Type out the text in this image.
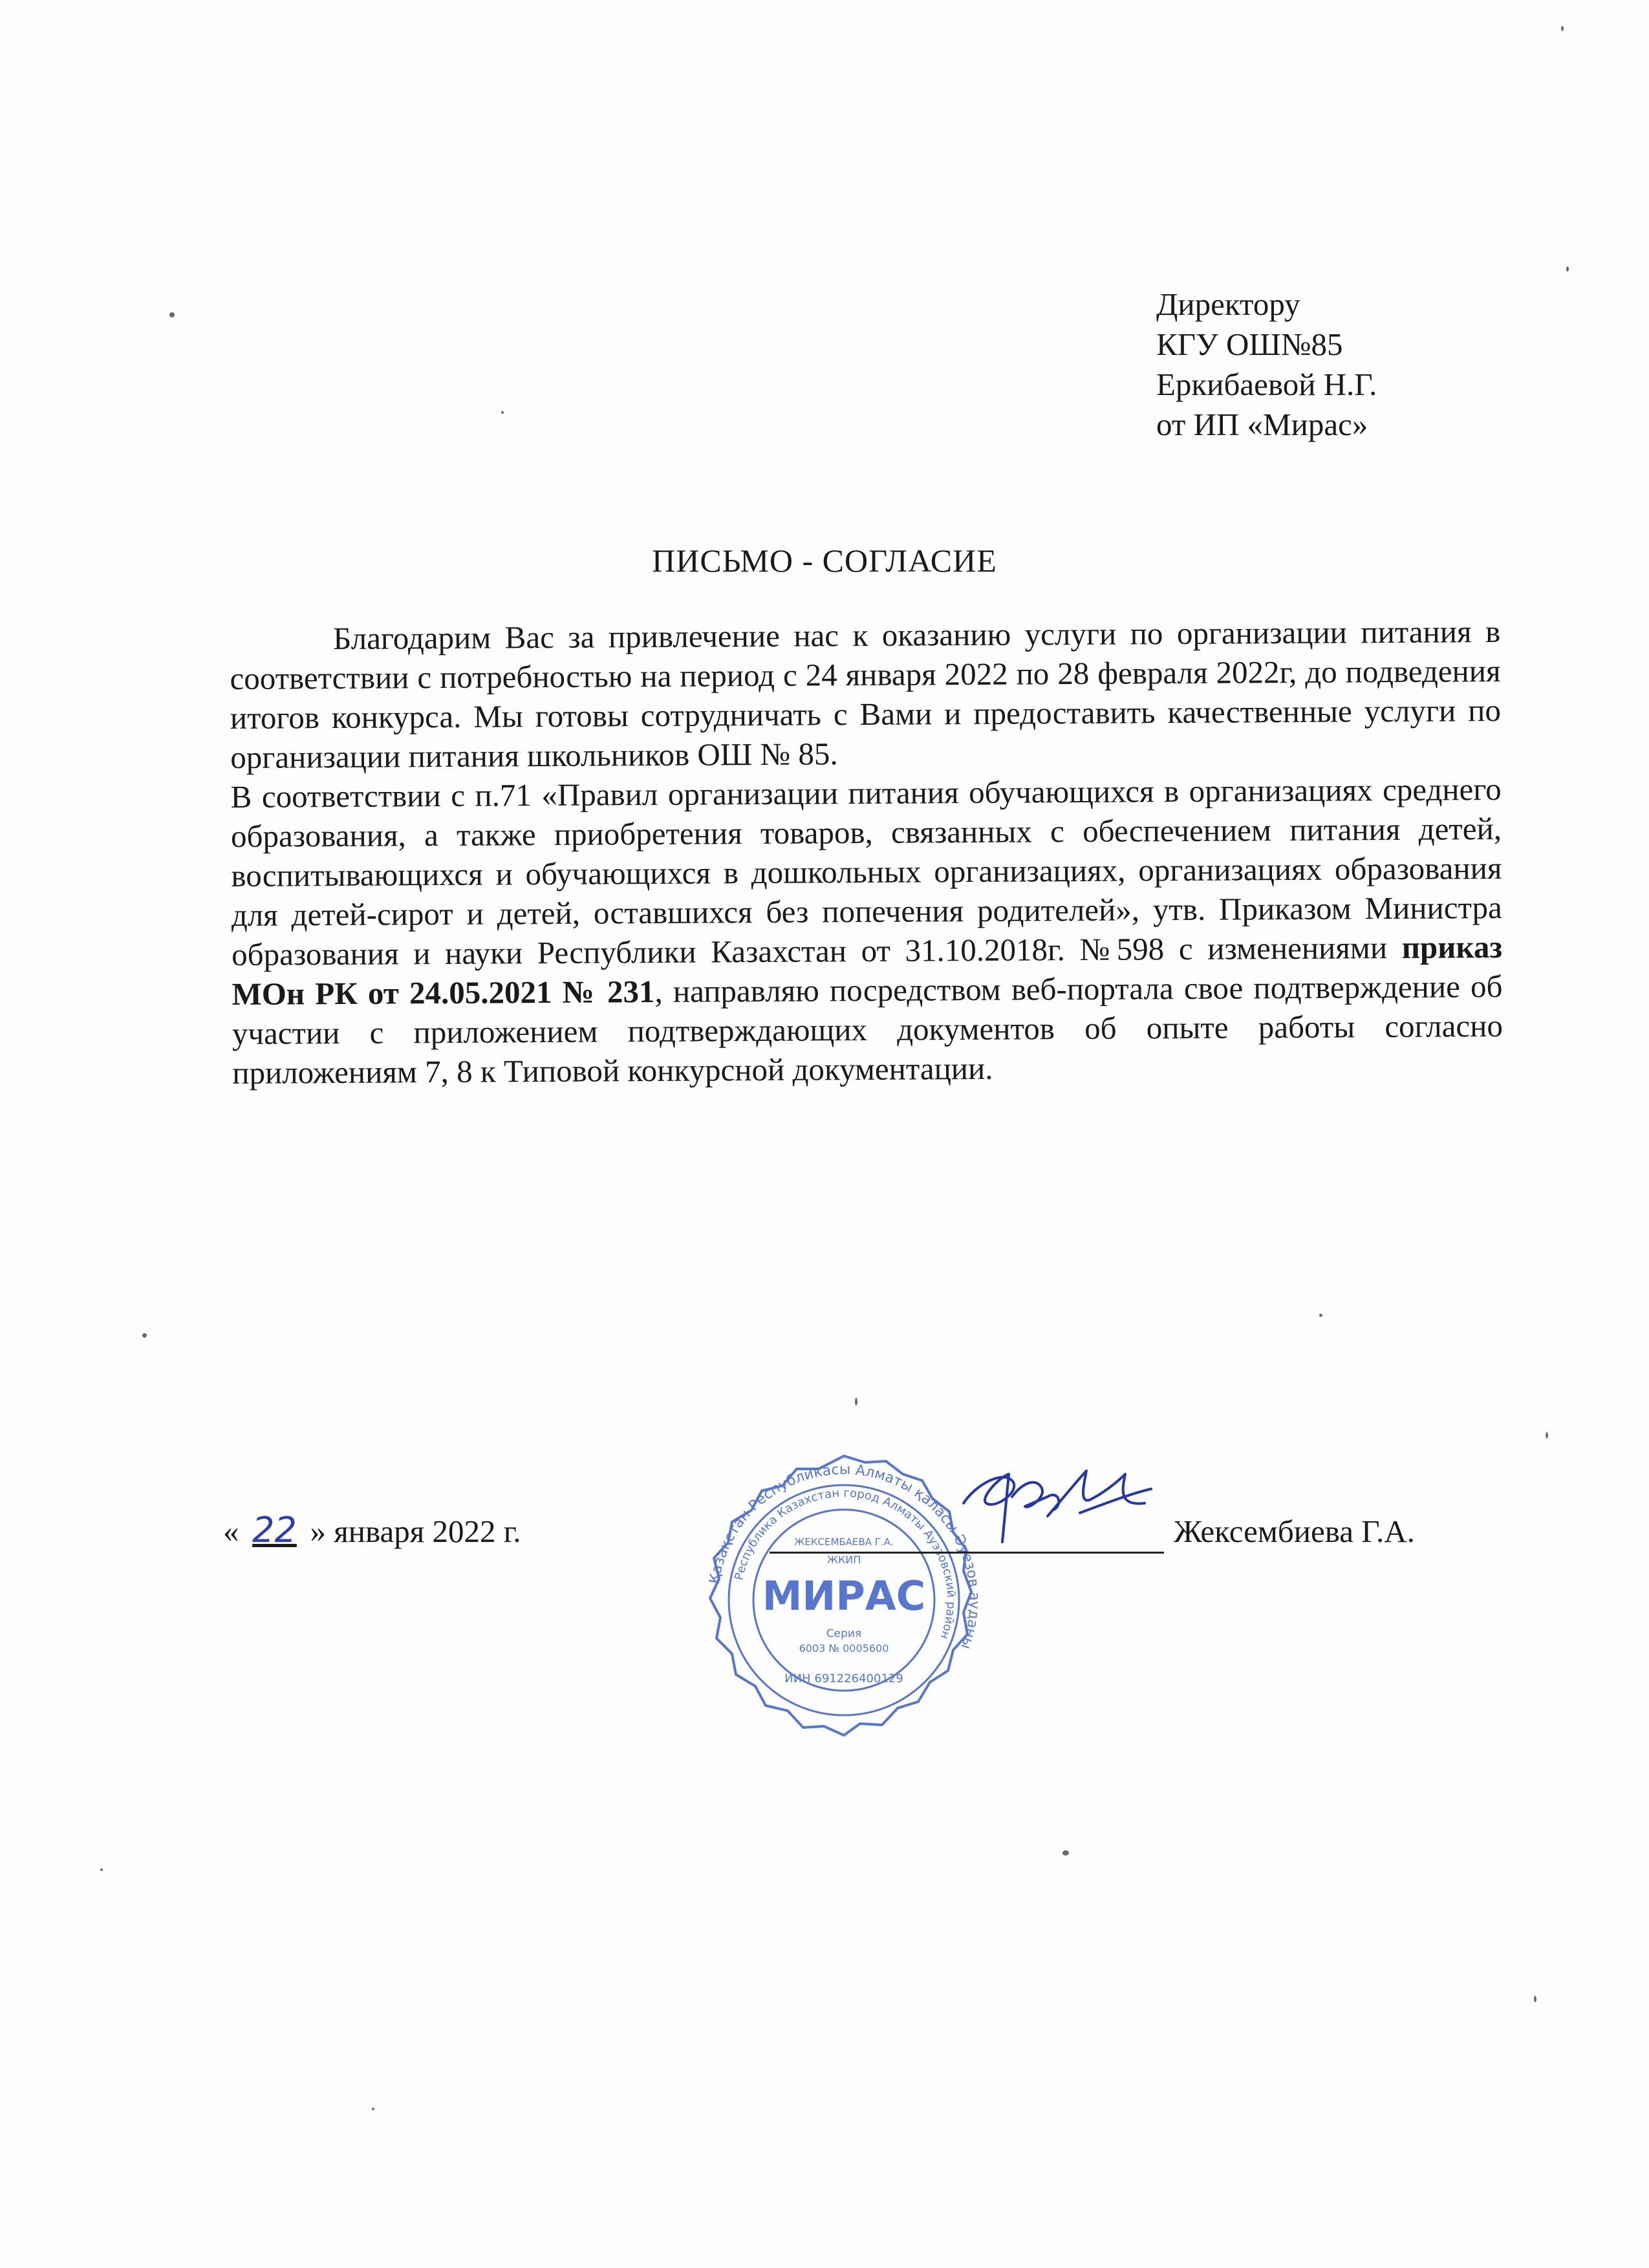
Директору
КГУ ОШ№85
Еркибаевой Н.Г.
от ИП «Мирас»
ПИСЬМО - СОГЛАСИЕ

Благодарим Вас за привлечение нас к оказанию услуги по организации питания в соответствии с потребностью на период с 24 января 2022 по 28 февраля 2022г, до подведения итогов конкурса. Мы готовы сотрудничать с Вами и предоставить качественные услуги по организации питания школьников ОШ № 85.

В соответствии с п.71 «Правил организации питания обучающихся в организациях среднего образования, а также приобретения товаров, связанных с обеспечением питания детей, воспитывающихся и обучающихся в дошкольных организациях, организациях образования для детей-сирот и детей, оставшихся без попечения родителей», утв. Приказом Министра образования и науки Республики Казахстан от 31.10.2018г. №598 с изменениями приказ МОн РК от 24.05.2021 № 231, направляю посредством веб-портала свое подтверждение об участии с приложением подтверждающих документов об опыте работы согласно приложениям 7, 8 к Типовой конкурсной документации.

« 22 » января 2022 г.
Қазақстан Республикасы Алматы қаласы Әуезов ауданы
Республика Казахстан город Алматы Ауэзовский район
ЖЕКСЕМБАЕВА Г.А.
ЖКИП
МИРАС
Серия
6003 № 0005600
ИИН 691226400129
Жексембиева Г.А.
